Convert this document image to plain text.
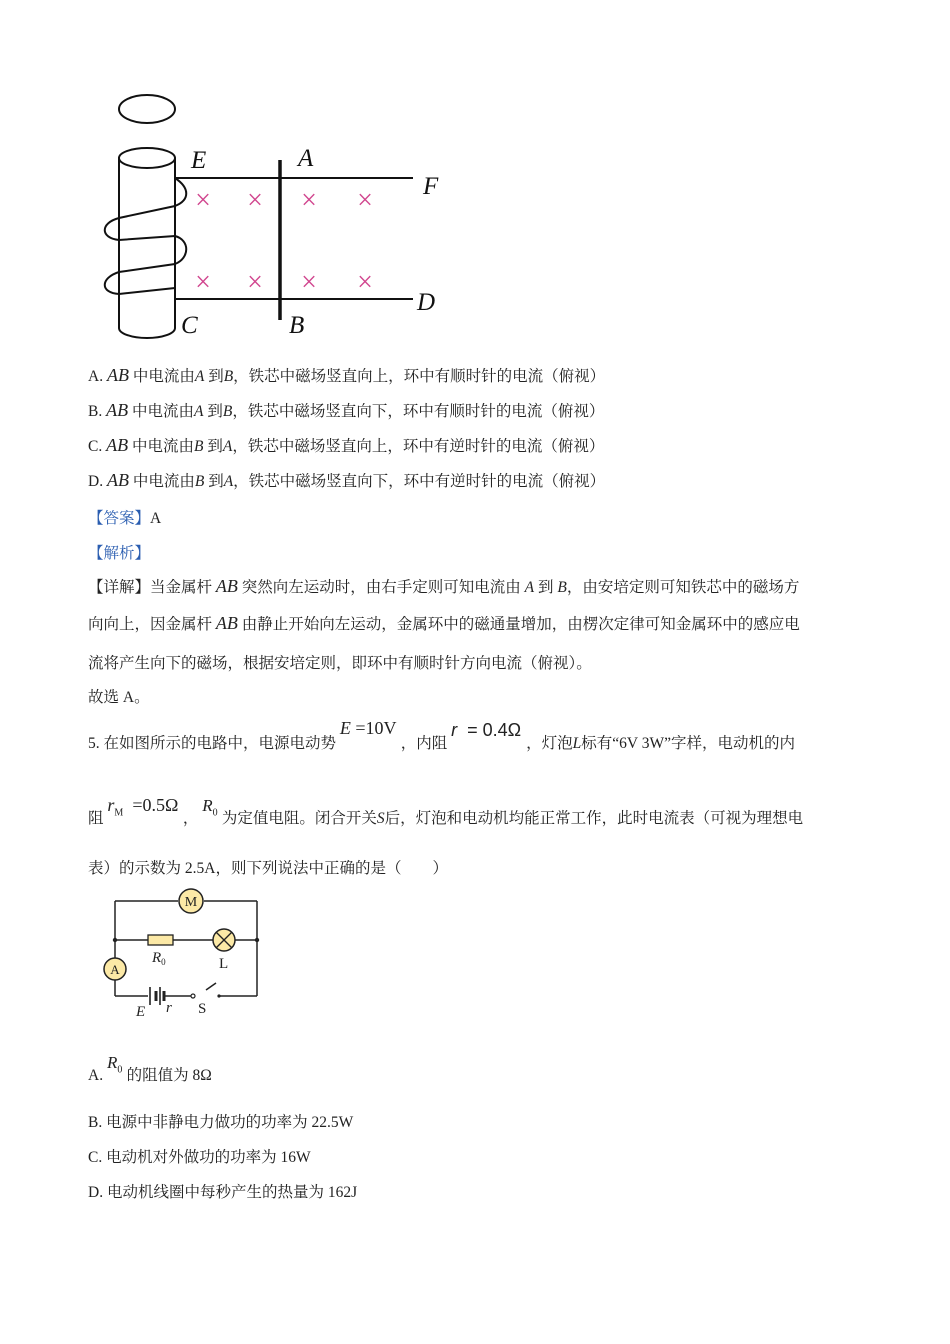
× × × ×
× × × ×
E	A
F
C	B
D
A. AB 中电流由A 到B，铁芯中磁场竖直向上，环中有顺时针的电流（俯视）
B. AB 中电流由A 到B，铁芯中磁场竖直向下，环中有顺时针的电流（俯视）
C. AB 中电流由B 到A，铁芯中磁场竖直向上，环中有逆时针的电流（俯视）
D. AB 中电流由B 到A，铁芯中磁场竖直向下，环中有逆时针的电流（俯视）
【答案】A
【解析】
【详解】当金属杆 AB 突然向左运动时，由右手定则可知电流由 A 到 B，由安培定则可知铁芯中的磁场方
向向上，因金属杆 AB 由静止开始向左运动，金属环中的磁通量增加，由楞次定律可知金属环中的感应电
流将产生向下的磁场，根据安培定则，即环中有顺时针方向电流（俯视）。
故选 A。
5. 在如图所示的电路中，电源电动势 E =10V ，内阻 r = 0.4Ω ，灯泡L标有“6V 3W”字样，电动机的内
阻 $r_M =0.5\Omega$ ， $R_0$ 为定值电阻。闭合开关S后，灯泡和电动机均能正常工作，此时电流表（可视为理想电
表）的示数为 2.5A，则下列说法中正确的是（　　）
M
A
$R_0$	L
E r S
A. $R_0$ 的阻值为 8Ω
B. 电源中非静电力做功的功率为 22.5W
C. 电动机对外做功的功率为 16W
D. 电动机线圈中每秒产生的热量为 162J
